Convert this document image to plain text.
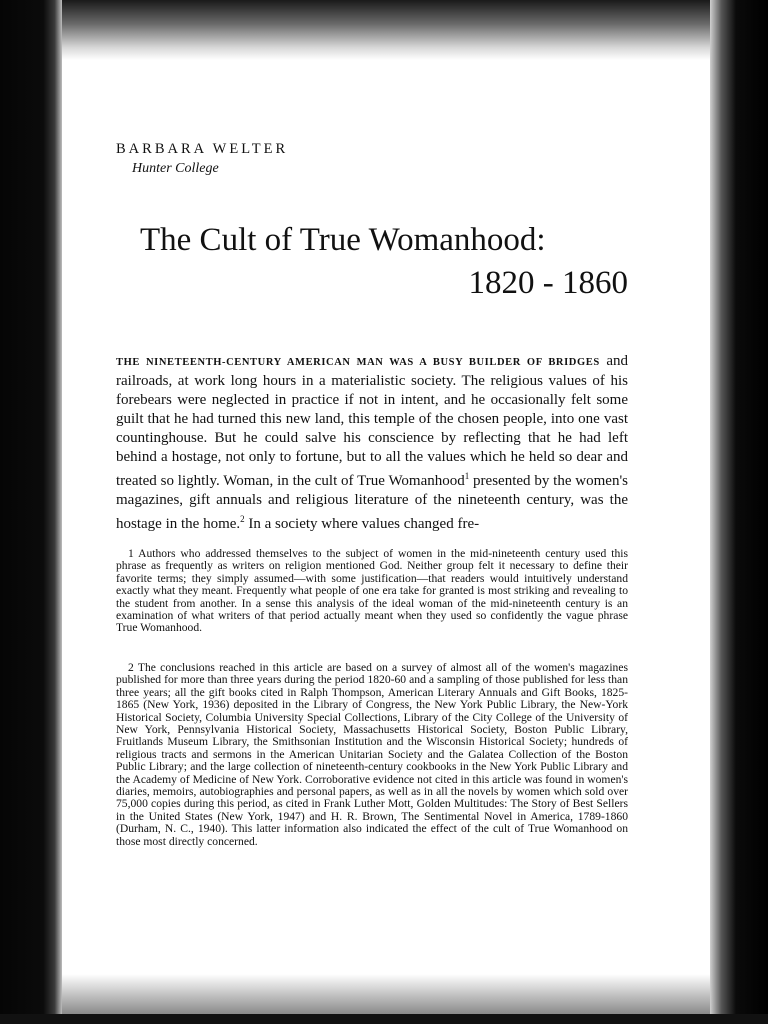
BARBARA WELTER
Hunter College
The Cult of True Womanhood:
1820 - 1860
THE NINETEENTH-CENTURY AMERICAN MAN WAS A BUSY BUILDER OF BRIDGES and railroads, at work long hours in a materialistic society. The religious values of his forebears were neglected in practice if not in intent, and he occasionally felt some guilt that he had turned this new land, this temple of the chosen people, into one vast countinghouse. But he could salve his conscience by reflecting that he had left behind a hostage, not only to fortune, but to all the values which he held so dear and treated so lightly. Woman, in the cult of True Womanhood$^1$ presented by the women's magazines, gift annuals and religious literature of the nineteenth century, was the hostage in the home.$^2$ In a society where values changed fre-
1 Authors who addressed themselves to the subject of women in the mid-nineteenth century used this phrase as frequently as writers on religion mentioned God. Neither group felt it necessary to define their favorite terms; they simply assumed—with some justification—that readers would intuitively understand exactly what they meant. Frequently what people of one era take for granted is most striking and revealing to the student from another. In a sense this analysis of the ideal woman of the mid-nineteenth century is an examination of what writers of that period actually meant when they used so confidently the vague phrase True Womanhood.
2 The conclusions reached in this article are based on a survey of almost all of the women's magazines published for more than three years during the period 1820-60 and a sampling of those published for less than three years; all the gift books cited in Ralph Thompson, American Literary Annuals and Gift Books, 1825-1865 (New York, 1936) deposited in the Library of Congress, the New York Public Library, the New-York Historical Society, Columbia University Special Collections, Library of the City College of the University of New York, Pennsylvania Historical Society, Massachusetts Historical Society, Boston Public Library, Fruitlands Museum Library, the Smithsonian Institution and the Wisconsin Historical Society; hundreds of religious tracts and sermons in the American Unitarian Society and the Galatea Collection of the Boston Public Library; and the large collection of nineteenth-century cookbooks in the New York Public Library and the Academy of Medicine of New York. Corroborative evidence not cited in this article was found in women's diaries, memoirs, autobiographies and personal papers, as well as in all the novels by women which sold over 75,000 copies during this period, as cited in Frank Luther Mott, Golden Multitudes: The Story of Best Sellers in the United States (New York, 1947) and H. R. Brown, The Sentimental Novel in America, 1789-1860 (Durham, N. C., 1940). This latter information also indicated the effect of the cult of True Womanhood on those most directly concerned.
